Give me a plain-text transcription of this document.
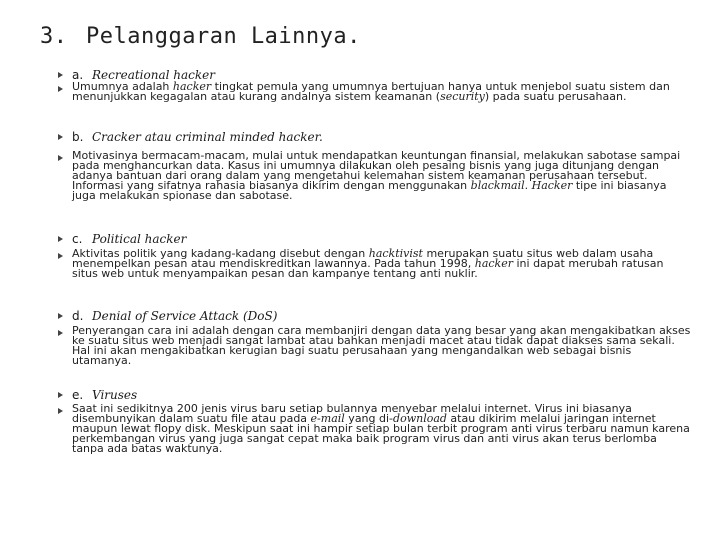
3. Pelanggaran Lainnya.
a. Recreational hacker
Umumnya adalah hacker tingkat pemula yang umumnya bertujuan hanya untuk menjebol suatu sistem dan menunjukkan kegagalan atau kurang andalnya sistem keamanan (security) pada suatu perusahaan.
b. Cracker atau criminal minded hacker.
Motivasinya bermacam-macam, mulai untuk mendapatkan keuntungan finansial, melakukan sabotase sampai pada menghancurkan data. Kasus ini umumnya dilakukan oleh pesaing bisnis yang juga ditunjang dengan adanya bantuan dari orang dalam yang mengetahui kelemahan sistem keamanan perusahaan tersebut. Informasi yang sifatnya rahasia biasanya dikirim dengan menggunakan blackmail. Hacker tipe ini biasanya juga melakukan spionase dan sabotase.
c. Political hacker
Aktivitas politik yang kadang-kadang disebut dengan hacktivist merupakan suatu situs web dalam usaha menempelkan pesan atau mendiskreditkan lawannya. Pada tahun 1998, hacker ini dapat merubah ratusan situs web untuk menyampaikan pesan dan kampanye tentang anti nuklir.
d. Denial of Service Attack (DoS)
Penyerangan cara ini adalah dengan cara membanjiri dengan data yang besar yang akan mengakibatkan akses ke suatu situs web menjadi sangat lambat atau bahkan menjadi macet atau tidak dapat diakses sama sekali. Hal ini akan mengakibatkan kerugian bagi suatu perusahaan yang mengandalkan web sebagai bisnis utamanya.
e. Viruses
Saat ini sedikitnya 200 jenis virus baru setiap bulannya menyebar melalui internet. Virus ini biasanya disembunyikan dalam suatu file atau pada e-mail yang di-download atau dikirim melalui jaringan internet maupun lewat flopy disk. Meskipun saat ini hampir setiap bulan terbit program anti virus terbaru namun karena perkembangan virus yang juga sangat cepat maka baik program virus dan anti virus akan terus berlomba tanpa ada batas waktunya.
